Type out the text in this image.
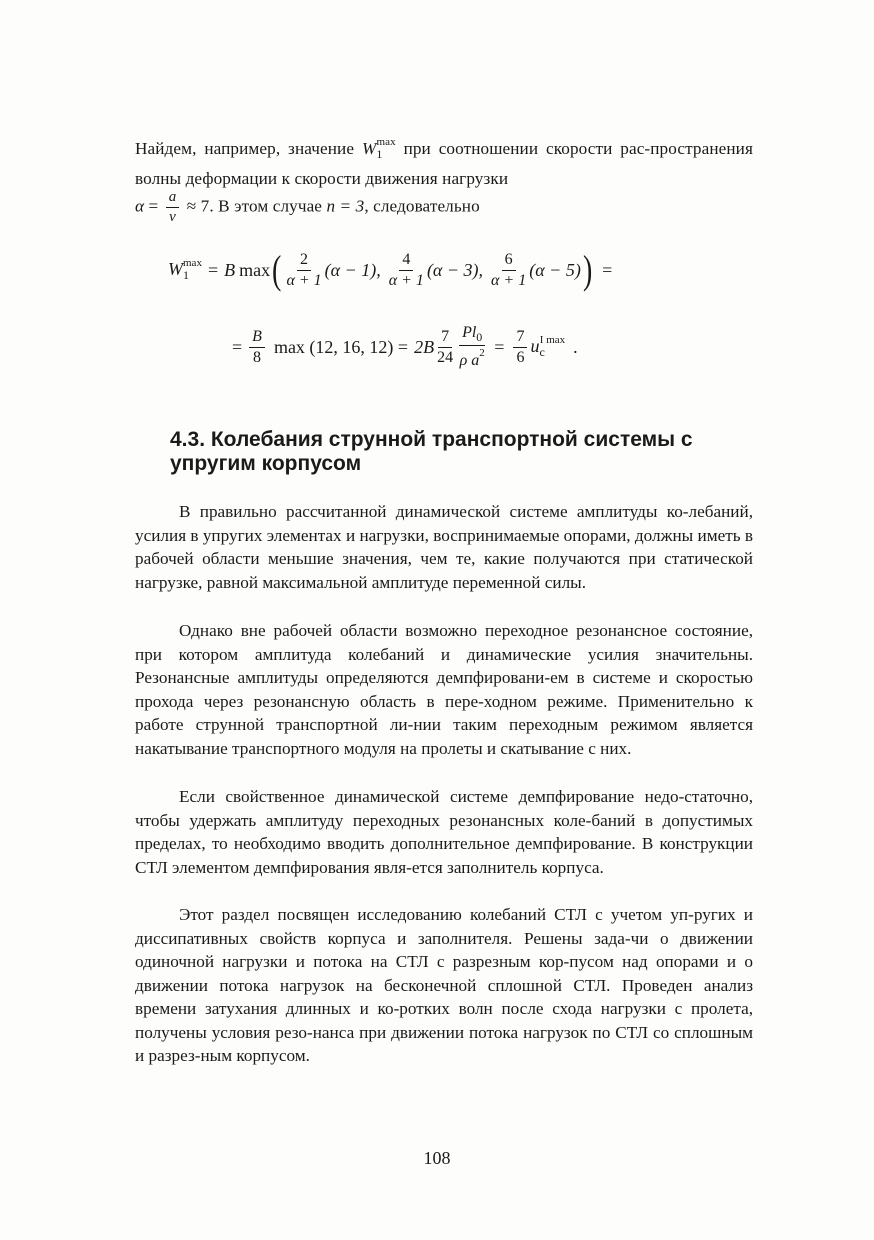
Найдем, например, значение $W_1^{max}$ при соотношении скорости рас-пространения волны деформации к скорости движения нагрузки
$\alpha = \frac{a}{v} \approx 7$. В этом случае n = 3, следовательно

$W_1^{max} = B$ max ( $\frac{2}{\alpha + 1} (\alpha - 1)$, $\frac{4}{\alpha + 1} (\alpha - 3)$, $\frac{6}{\alpha + 1} (\alpha - 5)$ ) =
= $\frac{B}{8}$ max (12, 16, $12) = 2B \frac{7}{24} \frac{Pl_0}{\rho a^2} = \frac{7}{6} u_c^{I max}$ .
4.3. Колебания струнной транспортной системы с упругим корпусом

В правильно рассчитанной динамической системе амплитуды ко-лебаний, усилия в упругих элементах и нагрузки, воспринимаемые опорами, должны иметь в рабочей области меньшие значения, чем те, какие получаются при статической нагрузке, равной максимальной амплитуде переменной силы.

Однако вне рабочей области возможно переходное резонансное состояние, при котором амплитуда колебаний и динамические усилия значительны. Резонансные амплитуды определяются демпфировани-ем в системе и скоростью прохода через резонансную область в пере-ходном режиме. Применительно к работе струнной транспортной ли-нии таким переходным режимом является накатывание транспортного модуля на пролеты и скатывание с них.

Если свойственное динамической системе демпфирование недо-статочно, чтобы удержать амплитуду переходных резонансных коле-баний в допустимых пределах, то необходимо вводить дополнительное демпфирование. В конструкции СТЛ элементом демпфирования явля-ется заполнитель корпуса.

Этот раздел посвящен исследованию колебаний СТЛ с учетом уп-ругих и диссипативных свойств корпуса и заполнителя. Решены зада-чи о движении одиночной нагрузки и потока на СТЛ с разрезным кор-пусом над опорами и о движении потока нагрузок на бесконечной сплошной СТЛ. Проведен анализ времени затухания длинных и ко-ротких волн после схода нагрузки с пролета, получены условия резо-нанса при движении потока нагрузок по СТЛ со сплошным и разрез-ным корпусом.

108
